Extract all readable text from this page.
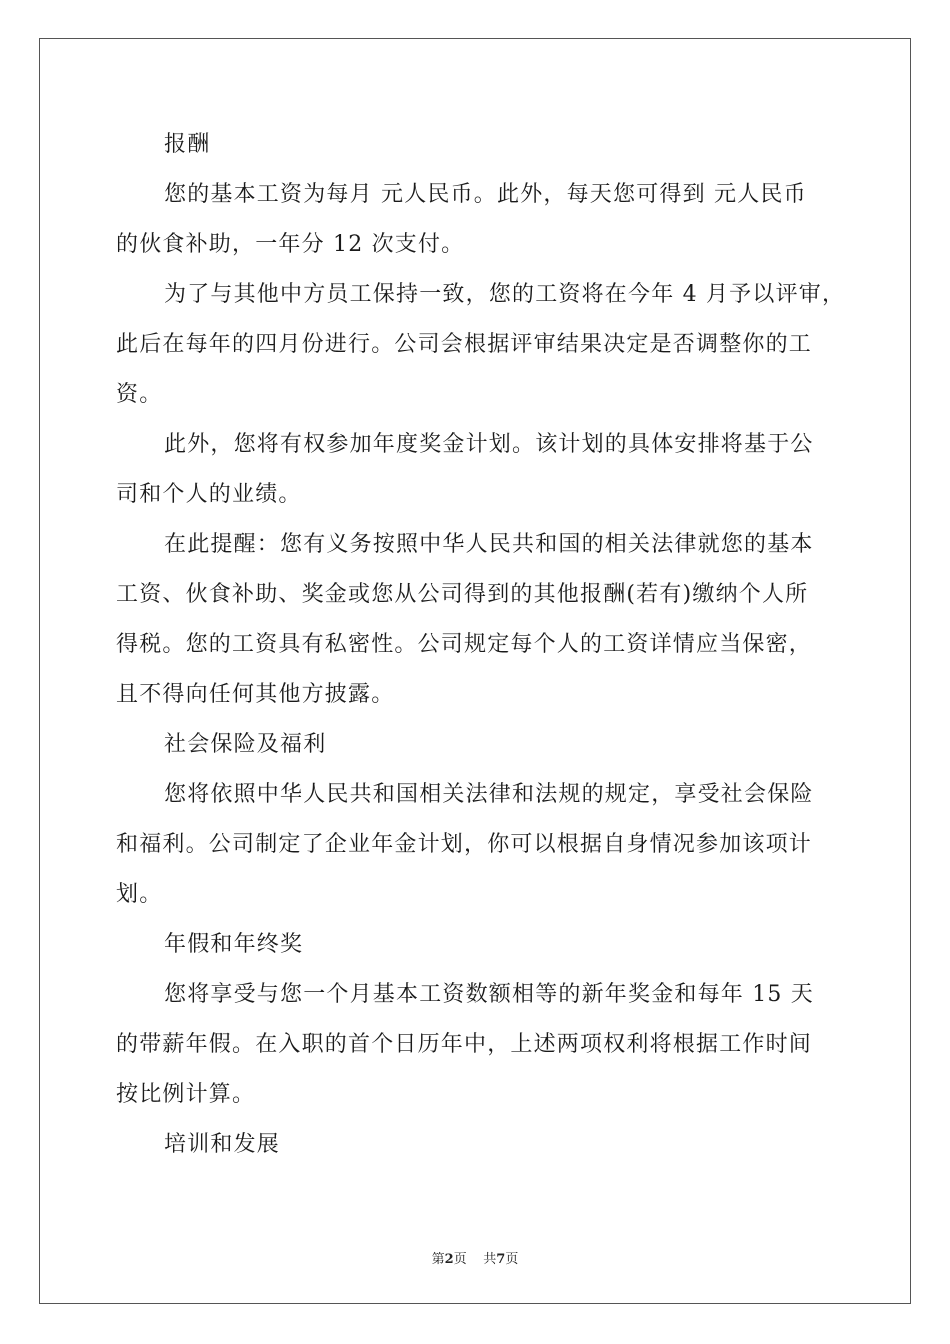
报酬
您的基本工资为每月 元人民币。此外，每天您可得到 元人民币
的伙食补助，一年分 12 次支付。
为了与其他中方员工保持一致，您的工资将在今年 4 月予以评审，
此后在每年的四月份进行。公司会根据评审结果决定是否调整你的工
资。
此外，您将有权参加年度奖金计划。该计划的具体安排将基于公
司和个人的业绩。
在此提醒：您有义务按照中华人民共和国的相关法律就您的基本
工资、伙食补助、奖金或您从公司得到的其他报酬(若有)缴纳个人所
得税。您的工资具有私密性。公司规定每个人的工资详情应当保密，
且不得向任何其他方披露。
社会保险及福利
您将依照中华人民共和国相关法律和法规的规定，享受社会保险
和福利。公司制定了企业年金计划，你可以根据自身情况参加该项计
划。
年假和年终奖
您将享受与您一个月基本工资数额相等的新年奖金和每年 15 天
的带薪年假。在入职的首个日历年中，上述两项权利将根据工作时间
按比例计算。
培训和发展
第2页 共7页
